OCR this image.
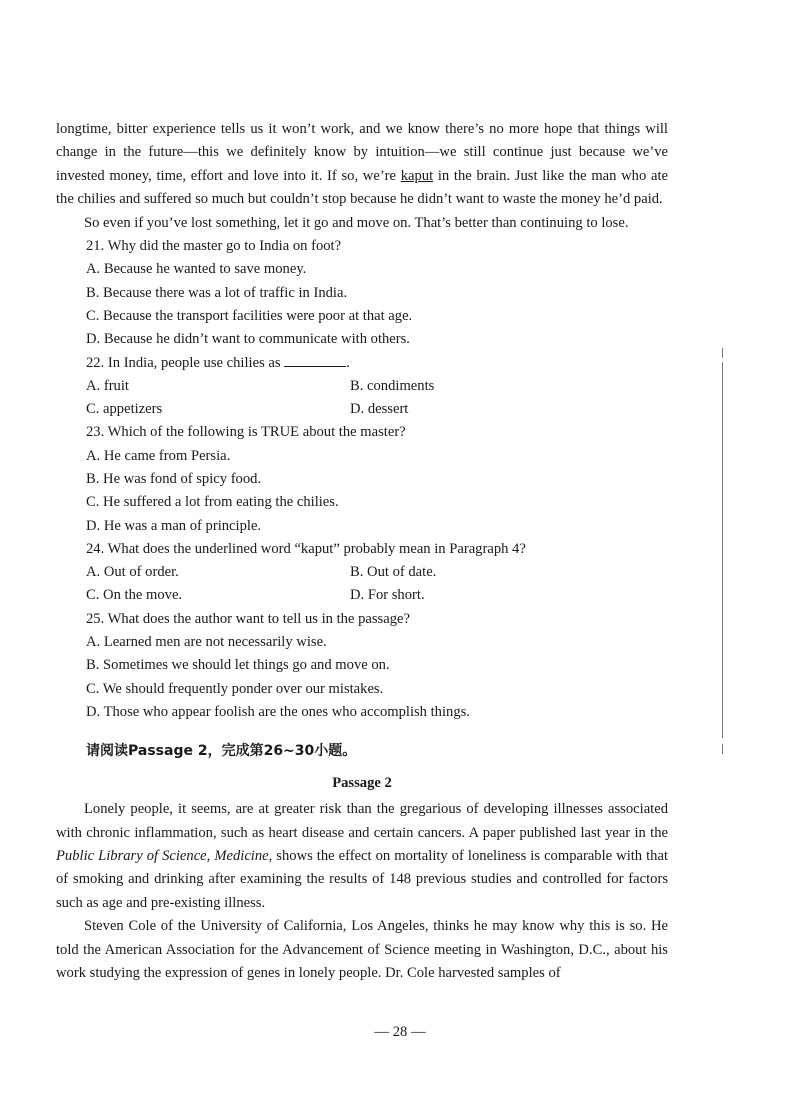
longtime, bitter experience tells us it won’t work, and we know there’s no more hope that things will change in the future—this we definitely know by intuition—we still continue just because we’ve invested money, time, effort and love into it. If so, we’re kaput in the brain. Just like the man who ate the chilies and suffered so much but couldn’t stop because he didn’t want to waste the money he’d paid.

So even if you’ve lost something, let it go and move on. That’s better than continuing to lose.

21. Why did the master go to India on foot?

A. Because he wanted to save money.

B. Because there was a lot of traffic in India.

C. Because the transport facilities were poor at that age.

D. Because he didn’t want to communicate with others.

22. In India, people use chilies as	.

A. fruit	B. condiments
C. appetizers	D. dessert

23. Which of the following is TRUE about the master?

A. He came from Persia.

B. He was fond of spicy food.

C. He suffered a lot from eating the chilies.

D. He was a man of principle.

24. What does the underlined word “kaput” probably mean in Paragraph 4?

A. Out of order.	B. Out of date.
C. On the move.	D. For short.

25. What does the author want to tell us in the passage?

A. Learned men are not necessarily wise.

B. Sometimes we should let things go and move on.

C. We should frequently ponder over our mistakes.

D. Those who appear foolish are the ones who accomplish things.

请阅读Passage 2，完成第26~30小题。

Passage 2

Lonely people, it seems, are at greater risk than the gregarious of developing illnesses associated with chronic inflammation, such as heart disease and certain cancers. A paper published last year in the Public Library of Science, Medicine, shows the effect on mortality of loneliness is comparable with that of smoking and drinking after examining the results of 148 previous studies and controlled for factors such as age and pre-existing illness.

Steven Cole of the University of California, Los Angeles, thinks he may know why this is so. He told the American Association for the Advancement of Science meeting in Washington, D.C., about his work studying the expression of genes in lonely people. Dr. Cole harvested samples of

— 28 —
